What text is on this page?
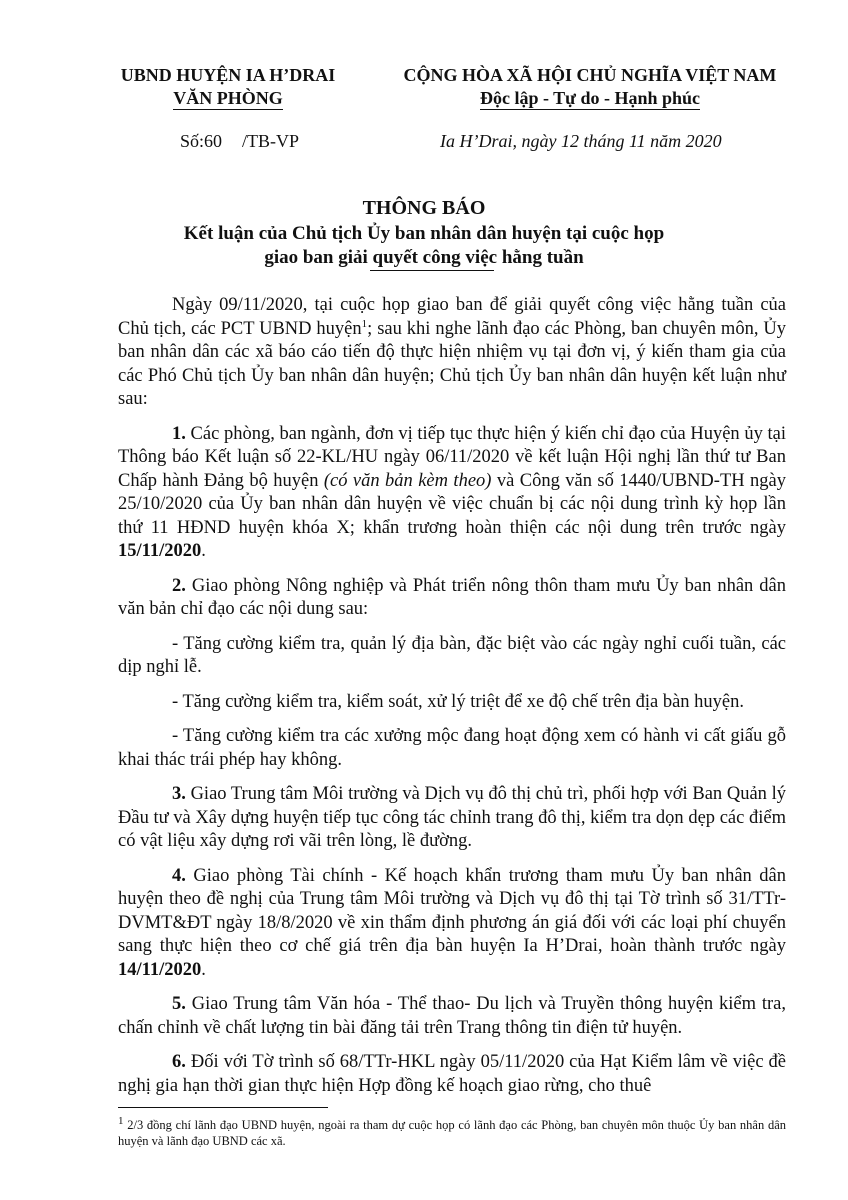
UBND HUYỆN IA H’DRAI
VĂN PHÒNG
CỘNG HÒA XÃ HỘI CHỦ NGHĨA VIỆT NAM
Độc lập - Tự do - Hạnh phúc
Số:60 /TB-VP	Ia H’Drai, ngày 12 tháng 11 năm 2020
THÔNG BÁO
Kết luận của Chủ tịch Ủy ban nhân dân huyện tại cuộc họp
giao ban giải quyết công việc hằng tuần

Ngày 09/11/2020, tại cuộc họp giao ban để giải quyết công việc hằng tuần của Chủ tịch, các PCT UBND huyện$^1$; sau khi nghe lãnh đạo các Phòng, ban chuyên môn, Ủy ban nhân dân các xã báo cáo tiến độ thực hiện nhiệm vụ tại đơn vị, ý kiến tham gia của các Phó Chủ tịch Ủy ban nhân dân huyện; Chủ tịch Ủy ban nhân dân huyện kết luận như sau:

1. Các phòng, ban ngành, đơn vị tiếp tục thực hiện ý kiến chỉ đạo của Huyện ủy tại Thông báo Kết luận số 22-KL/HU ngày 06/11/2020 về kết luận Hội nghị lần thứ tư Ban Chấp hành Đảng bộ huyện (có văn bản kèm theo) và Công văn số 1440/UBND-TH ngày 25/10/2020 của Ủy ban nhân dân huyện về việc chuẩn bị các nội dung trình kỳ họp lần thứ 11 HĐND huyện khóa X; khẩn trương hoàn thiện các nội dung trên trước ngày 15/11/2020.

2. Giao phòng Nông nghiệp và Phát triển nông thôn tham mưu Ủy ban nhân dân văn bản chỉ đạo các nội dung sau:

- Tăng cường kiểm tra, quản lý địa bàn, đặc biệt vào các ngày nghỉ cuối tuần, các dịp nghỉ lễ.

- Tăng cường kiểm tra, kiểm soát, xử lý triệt để xe độ chế trên địa bàn huyện.

- Tăng cường kiểm tra các xưởng mộc đang hoạt động xem có hành vi cất giấu gỗ khai thác trái phép hay không.

3. Giao Trung tâm Môi trường và Dịch vụ đô thị chủ trì, phối hợp với Ban Quản lý Đầu tư và Xây dựng huyện tiếp tục công tác chỉnh trang đô thị, kiểm tra dọn dẹp các điểm có vật liệu xây dựng rơi vãi trên lòng, lề đường.

4. Giao phòng Tài chính - Kế hoạch khẩn trương tham mưu Ủy ban nhân dân huyện theo đề nghị của Trung tâm Môi trường và Dịch vụ đô thị tại Tờ trình số 31/TTr-DVMT&ĐT ngày 18/8/2020 về xin thẩm định phương án giá đối với các loại phí chuyển sang thực hiện theo cơ chế giá trên địa bàn huyện Ia H’Drai, hoàn thành trước ngày 14/11/2020.

5. Giao Trung tâm Văn hóa - Thể thao- Du lịch và Truyền thông huyện kiểm tra, chấn chỉnh về chất lượng tin bài đăng tải trên Trang thông tin điện tử huyện.

6. Đối với Tờ trình số 68/TTr-HKL ngày 05/11/2020 của Hạt Kiểm lâm về việc đề nghị gia hạn thời gian thực hiện Hợp đồng kế hoạch giao rừng, cho thuê

$^1$ 2/3 đồng chí lãnh đạo UBND huyện, ngoài ra tham dự cuộc họp có lãnh đạo các Phòng, ban chuyên môn thuộc Ủy ban nhân dân huyện và lãnh đạo UBND các xã.
